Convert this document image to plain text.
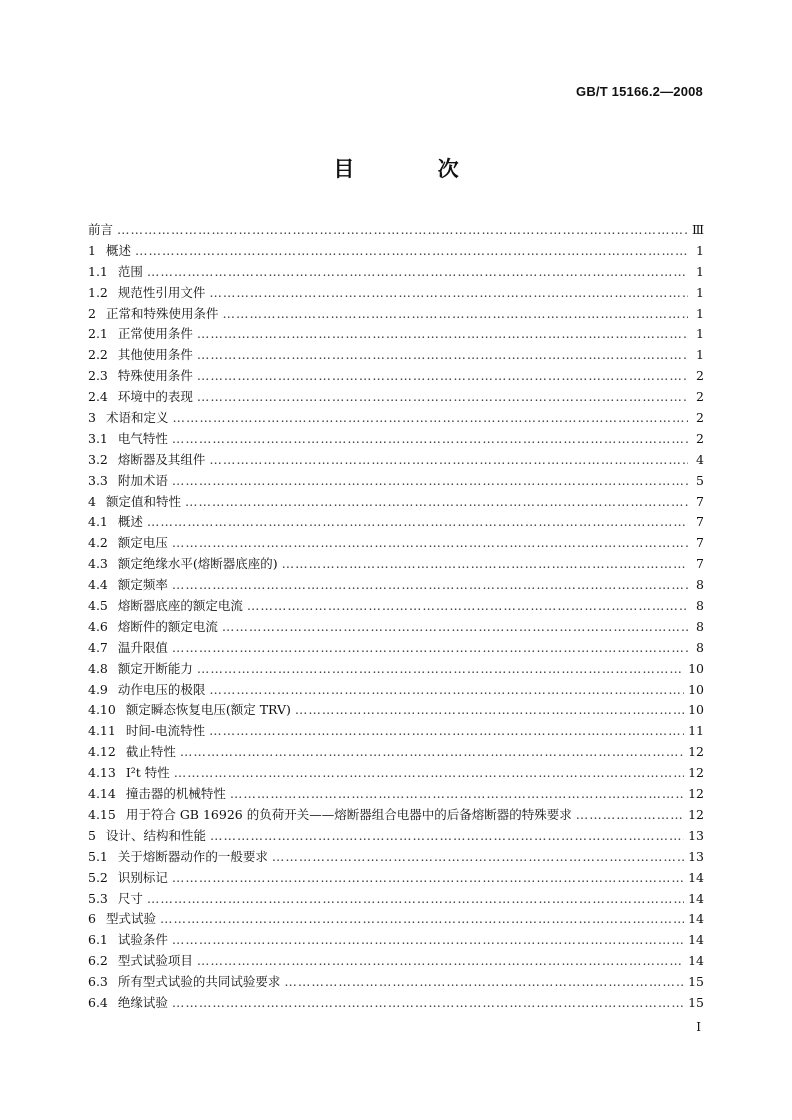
GB/T 15166.2—2008
目 次
前言 ……………………………………………………………………………………………………………………………………………………………………………………………………………………………	Ⅲ
1 概述 ……………………………………………………………………………………………………………………………………………………………………………………………………………………………	1
1.1 范围 ……………………………………………………………………………………………………………………………………………………………………………………………………………………………	1
1.2 规范性引用文件 ……………………………………………………………………………………………………………………………………………………………………………………………………………………………	1
2 正常和特殊使用条件 ……………………………………………………………………………………………………………………………………………………………………………………………………………………………	1
2.1 正常使用条件 ……………………………………………………………………………………………………………………………………………………………………………………………………………………………	1
2.2 其他使用条件 ……………………………………………………………………………………………………………………………………………………………………………………………………………………………	1
2.3 特殊使用条件 ……………………………………………………………………………………………………………………………………………………………………………………………………………………………	2
2.4 环境中的表现 ……………………………………………………………………………………………………………………………………………………………………………………………………………………………	2
3 术语和定义 ……………………………………………………………………………………………………………………………………………………………………………………………………………………………	2
3.1 电气特性 ……………………………………………………………………………………………………………………………………………………………………………………………………………………………	2
3.2 熔断器及其组件 ……………………………………………………………………………………………………………………………………………………………………………………………………………………………	4
3.3 附加术语 ……………………………………………………………………………………………………………………………………………………………………………………………………………………………	5
4 额定值和特性 ……………………………………………………………………………………………………………………………………………………………………………………………………………………………	7
4.1 概述 ……………………………………………………………………………………………………………………………………………………………………………………………………………………………	7
4.2 额定电压 ……………………………………………………………………………………………………………………………………………………………………………………………………………………………	7
4.3 额定绝缘水平(熔断器底座的) ……………………………………………………………………………………………………………………………………………………………………………………………………………………………	7
4.4 额定频率 ……………………………………………………………………………………………………………………………………………………………………………………………………………………………	8
4.5 熔断器底座的额定电流 ……………………………………………………………………………………………………………………………………………………………………………………………………………………………	8
4.6 熔断件的额定电流 ……………………………………………………………………………………………………………………………………………………………………………………………………………………………	8
4.7 温升限值 ……………………………………………………………………………………………………………………………………………………………………………………………………………………………	8
4.8 额定开断能力 ……………………………………………………………………………………………………………………………………………………………………………………………………………………………	10
4.9 动作电压的极限 ……………………………………………………………………………………………………………………………………………………………………………………………………………………………	10
4.10 额定瞬态恢复电压(额定 TRV) ……………………………………………………………………………………………………………………………………………………………………………………………………………………………	10
4.11 时间-电流特性 ……………………………………………………………………………………………………………………………………………………………………………………………………………………………	11
4.12 截止特性 ……………………………………………………………………………………………………………………………………………………………………………………………………………………………	12
4.13 I²t 特性 ……………………………………………………………………………………………………………………………………………………………………………………………………………………………	12
4.14 撞击器的机械特性 ……………………………………………………………………………………………………………………………………………………………………………………………………………………………	12
4.15 用于符合 GB 16926 的负荷开关——熔断器组合电器中的后备熔断器的特殊要求 ……………………………………………………………………………………………………………………………………………………………………………………………………………………………	12
5 设计、结构和性能 ……………………………………………………………………………………………………………………………………………………………………………………………………………………………	13
5.1 关于熔断器动作的一般要求 ……………………………………………………………………………………………………………………………………………………………………………………………………………………………	13
5.2 识别标记 ……………………………………………………………………………………………………………………………………………………………………………………………………………………………	14
5.3 尺寸 ……………………………………………………………………………………………………………………………………………………………………………………………………………………………	14
6 型式试验 ……………………………………………………………………………………………………………………………………………………………………………………………………………………………	14
6.1 试验条件 ……………………………………………………………………………………………………………………………………………………………………………………………………………………………	14
6.2 型式试验项目 ……………………………………………………………………………………………………………………………………………………………………………………………………………………………	14
6.3 所有型式试验的共同试验要求 ……………………………………………………………………………………………………………………………………………………………………………………………………………………………	15
6.4 绝缘试验 ……………………………………………………………………………………………………………………………………………………………………………………………………………………………	15
I
